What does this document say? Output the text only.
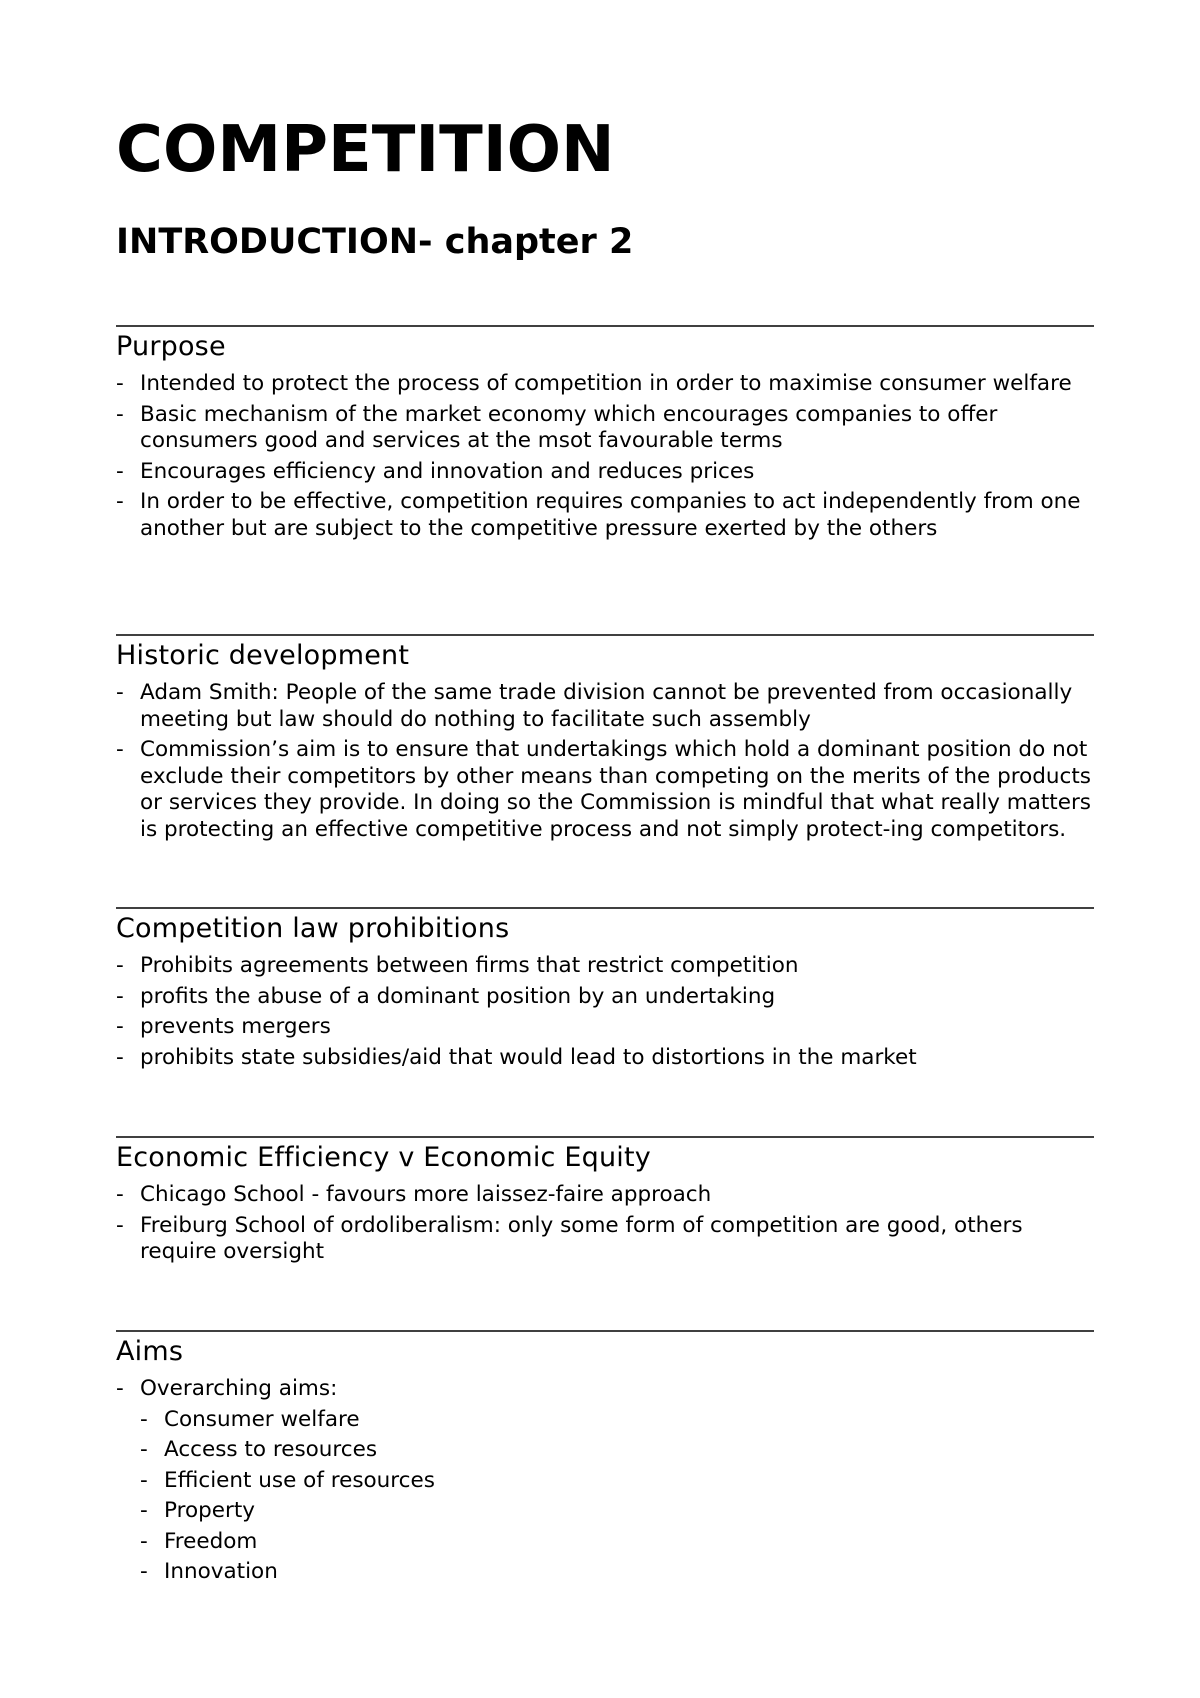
COMPETITION
INTRODUCTION- chapter 2
Purpose
- Intended to protect the process of competition in order to maximise consumer welfare
- Basic mechanism of the market economy which encourages companies to offer consumers good and services at the msot favourable terms
- Encourages efficiency and innovation and reduces prices
- In order to be effective, competition requires companies to act independently from one another but are subject to the competitive pressure exerted by the others
Historic development
- Adam Smith: People of the same trade division cannot be prevented from occasionally meeting but law should do nothing to facilitate such assembly
- Commission’s aim is to ensure that undertakings which hold a dominant position do not exclude their competitors by other means than competing on the merits of the products or services they provide. In doing so the Commission is mindful that what really matters is protecting an effective competitive process and not simply protect-ing competitors.
Competition law prohibitions
- Prohibits agreements between firms that restrict competition
- profits the abuse of a dominant position by an undertaking
- prevents mergers
- prohibits state subsidies/aid that would lead to distortions in the market
Economic Efficiency v Economic Equity
- Chicago School - favours more laissez-faire approach
- Freiburg School of ordoliberalism: only some form of competition are good, others require oversight
Aims
- Overarching aims:
- Consumer welfare
- Access to resources
- Efficient use of resources
- Property
- Freedom
- Innovation
